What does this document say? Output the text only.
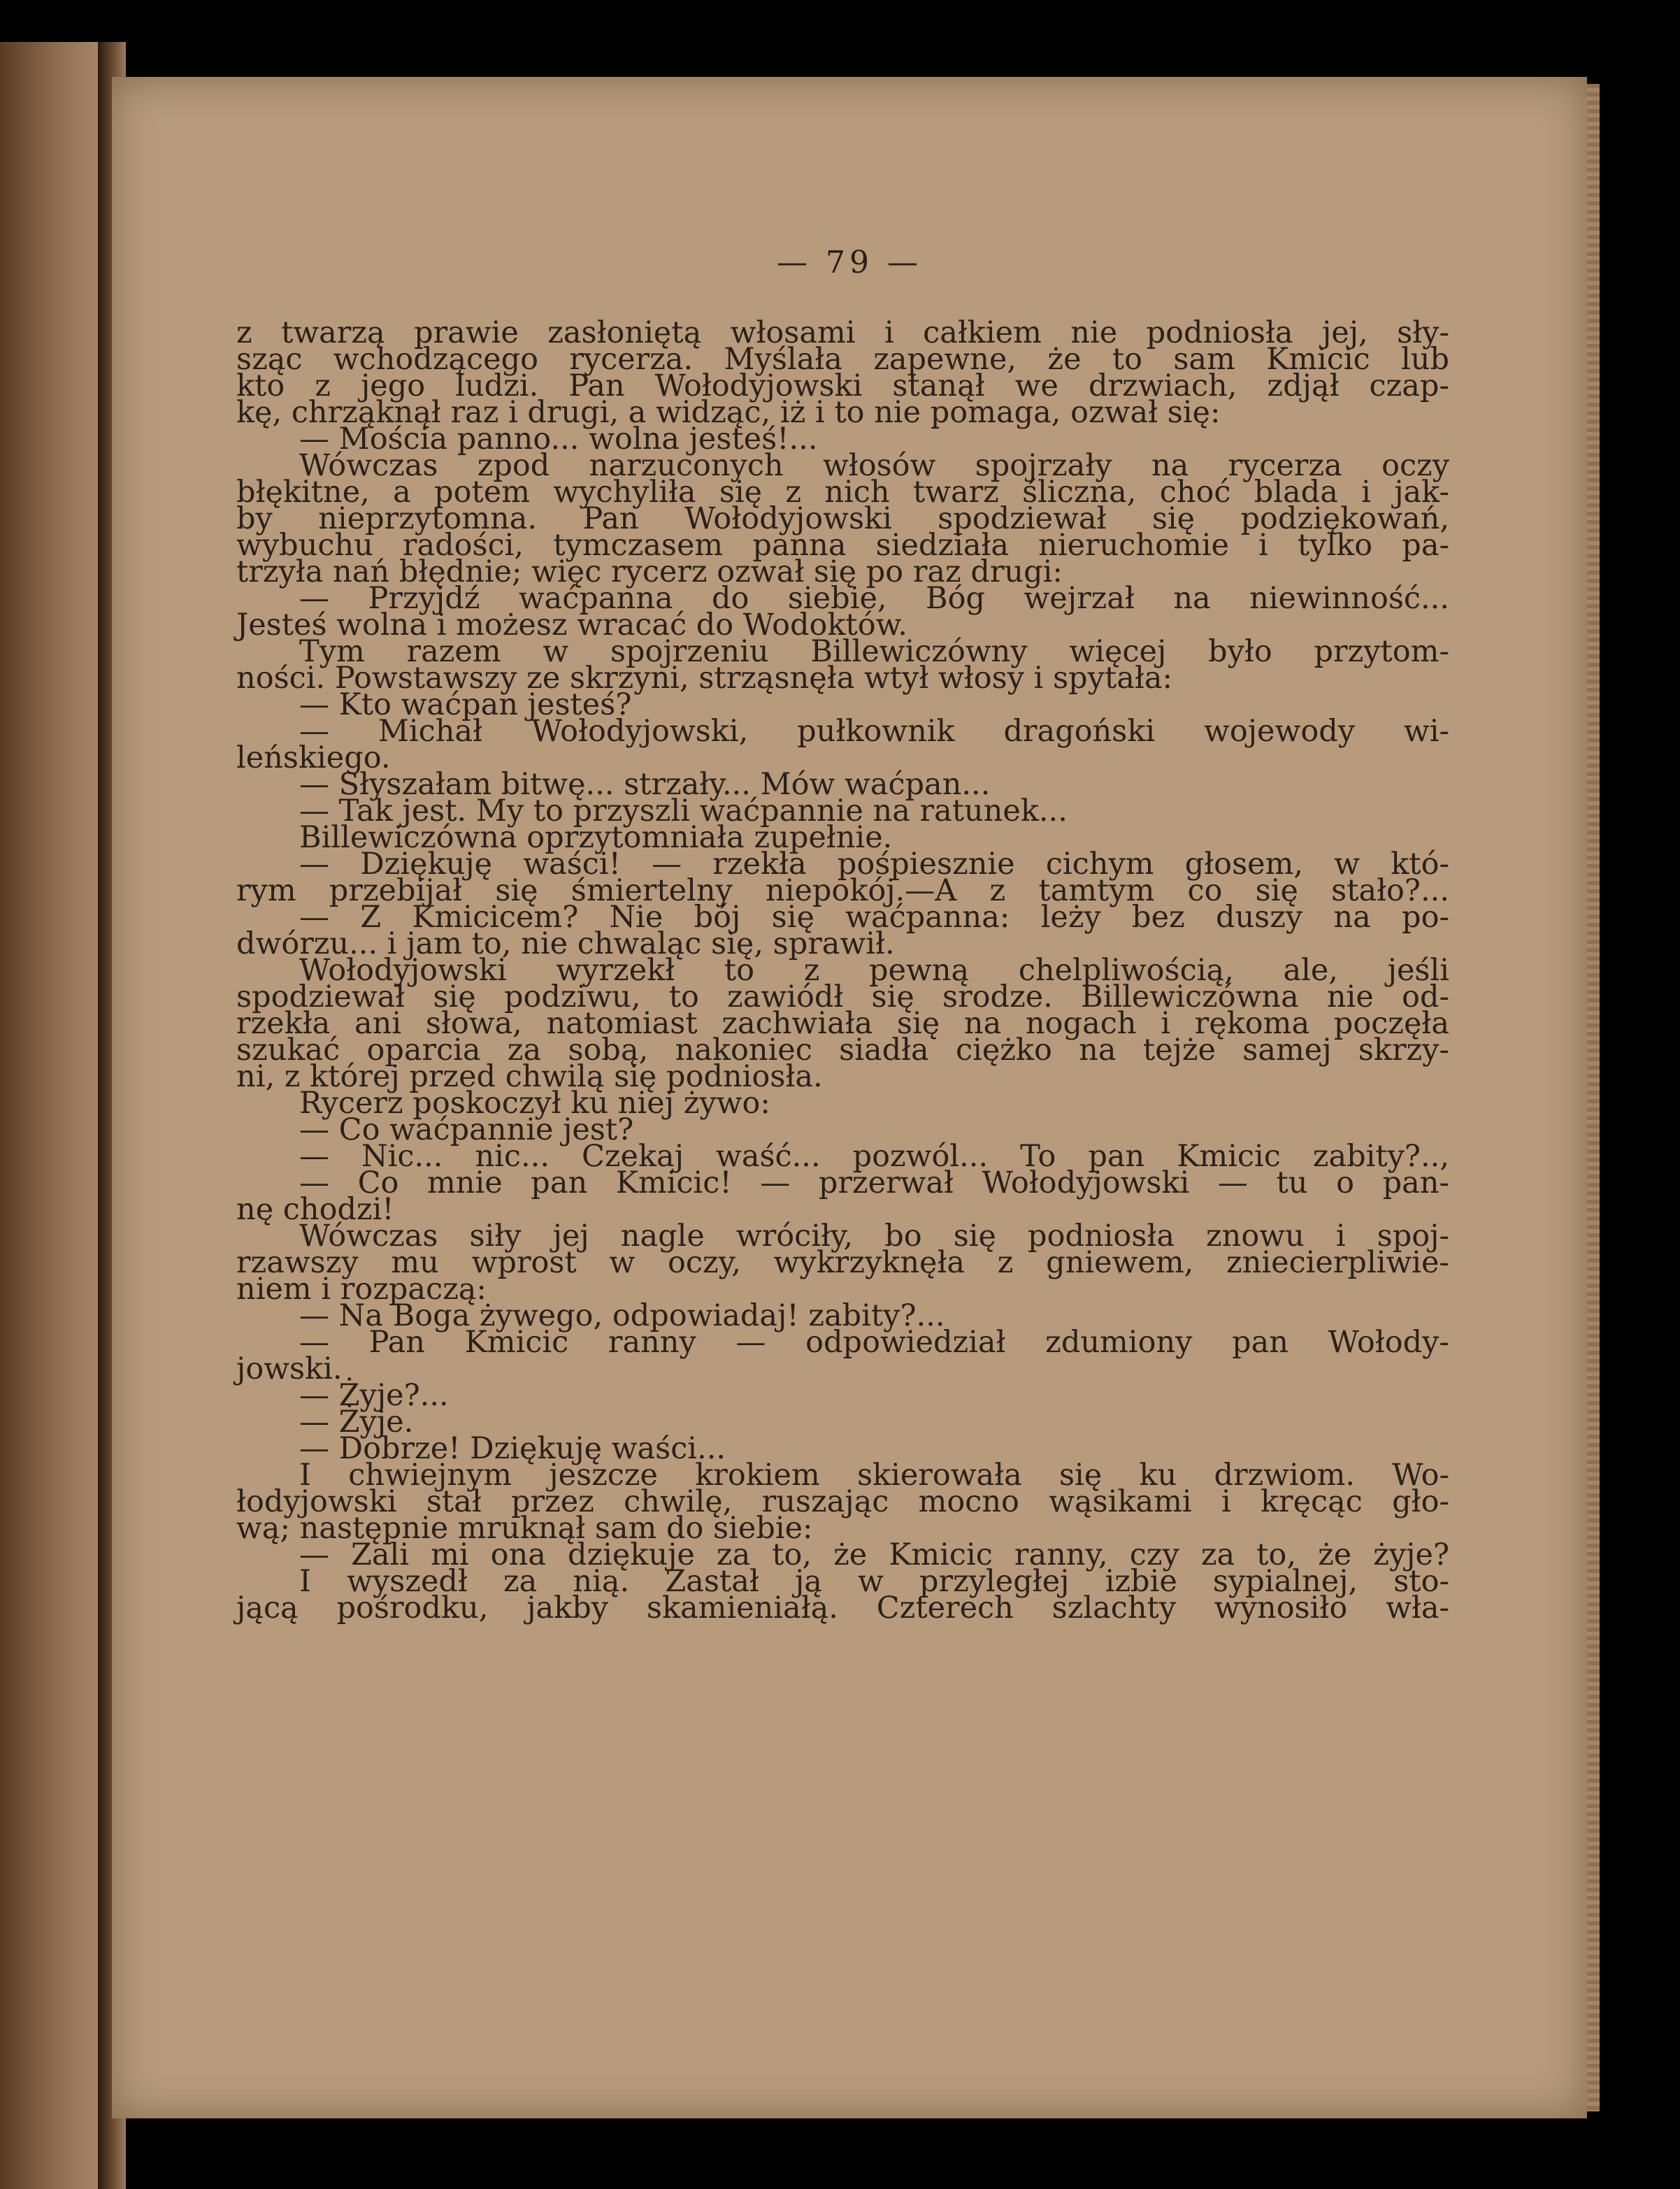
— 79 —
z twarzą prawie zasłoniętą włosami i całkiem nie podniosła jej, sły-
sząc wchodzącego rycerza. Myślała zapewne, że to sam Kmicic lub
kto z jego ludzi. Pan Wołodyjowski stanął we drzwiach, zdjął czap-
kę, chrząknął raz i drugi, a widząc, iż i to nie pomaga, ozwał się:
— Mościa panno... wolna jesteś!...
Wówczas zpod narzuconych włosów spojrzały na rycerza oczy
błękitne, a potem wychyliła się z nich twarz śliczna, choć blada i jak-
by nieprzytomna. Pan Wołodyjowski spodziewał się podziękowań,
wybuchu radości, tymczasem panna siedziała nieruchomie i tylko pa-
trzyła nań błędnie; więc rycerz ozwał się po raz drugi:
— Przyjdź waćpanna do siebie, Bóg wejrzał na niewinność...
Jesteś wolna i możesz wracać do Wodoktów.
Tym razem w spojrzeniu Billewiczówny więcej było przytom-
ności. Powstawszy ze skrzyni, strząsnęła wtył włosy i spytała:
— Kto waćpan jesteś?
— Michał Wołodyjowski, pułkownik dragoński wojewody wi-
leńskiego.
— Słyszałam bitwę... strzały... Mów waćpan...
— Tak jest. My to przyszli waćpannie na ratunek...
Billewiczówna oprzytomniała zupełnie.
— Dziękuję waści! — rzekła pośpiesznie cichym głosem, w któ-
rym przebijał się śmiertelny niepokój.—A z tamtym co się stało?...
— Z Kmicicem? Nie bój się waćpanna: leży bez duszy na po-
dwórzu... i jam to, nie chwaląc się, sprawił.
Wołodyjowski wyrzekł to z pewną chelpliwością, ale, jeśli
spodziewał się podziwu, to zawiódł się srodze. Billewiczówna nie od-
rzekła ani słowa, natomiast zachwiała się na nogach i rękoma poczęła
szukać oparcia za sobą, nakoniec siadła ciężko na tejże samej skrzy-
ni, z której przed chwilą się podniosła.
Rycerz poskoczył ku niej żywo:
— Co waćpannie jest?
— Nic... nic... Czekaj waść... pozwól... To pan Kmicic zabity?..,
— Co mnie pan Kmicic! — przerwał Wołodyjowski — tu o pan-
nę chodzi!
Wówczas siły jej nagle wróciły, bo się podniosła znowu i spoj-
rzawszy mu wprost w oczy, wykrzyknęła z gniewem, zniecierpliwie-
niem i rozpaczą:
— Na Boga żywego, odpowiadaj! zabity?...
— Pan Kmicic ranny — odpowiedział zdumiony pan Wołody-
jowski.
— Żyje?...
— Żyje.
— Dobrze! Dziękuję waści...
I chwiejnym jeszcze krokiem skierowała się ku drzwiom. Wo-
łodyjowski stał przez chwilę, ruszając mocno wąsikami i kręcąc gło-
wą; następnie mruknął sam do siebie:
— Zali mi ona dziękuje za to, że Kmicic ranny, czy za to, że żyje?
I wyszedł za nią. Zastał ją w przyległej izbie sypialnej, sto-
jącą pośrodku, jakby skamieniałą. Czterech szlachty wynosiło wła-
